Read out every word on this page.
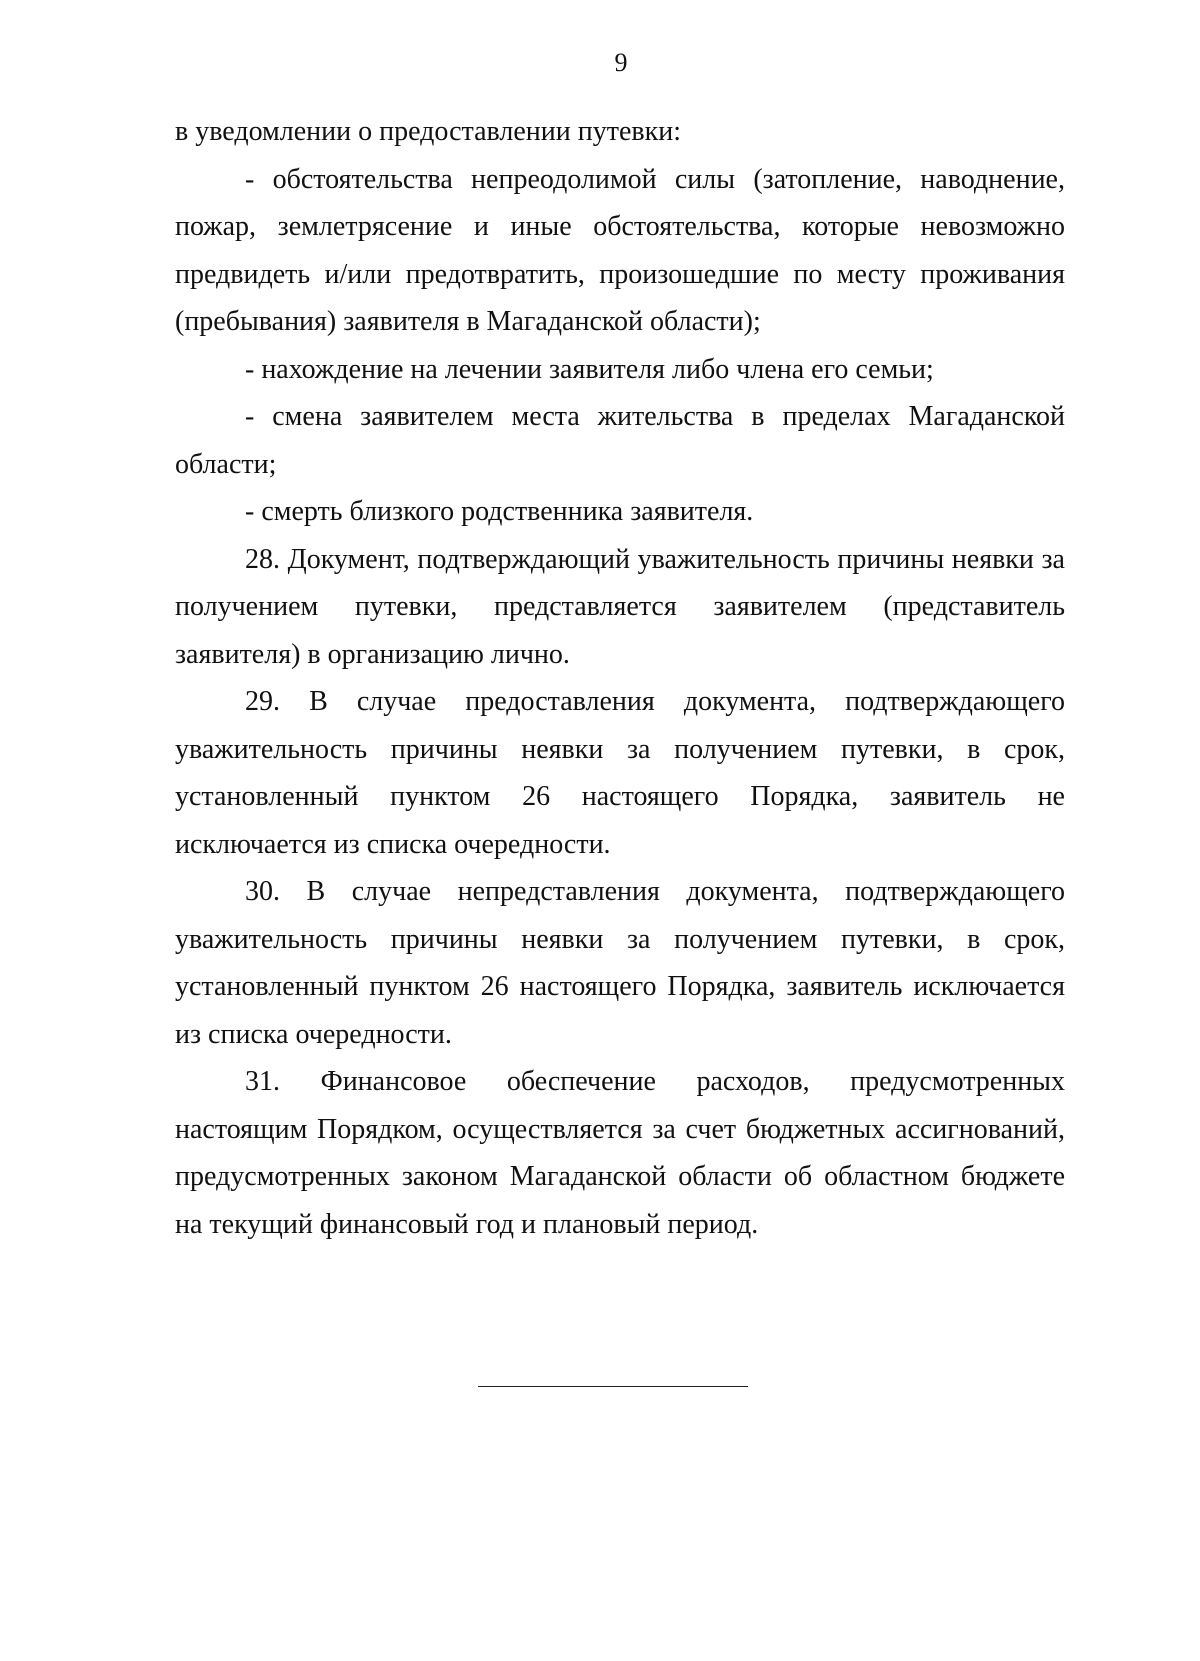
9

в уведомлении о предоставлении путевки:

- обстоятельства непреодолимой силы (затопление, наводнение, пожар, землетрясение и иные обстоятельства, которые невозможно предвидеть и/или предотвратить, произошедшие по месту проживания (пребывания) заявителя в Магаданской области);

- нахождение на лечении заявителя либо члена его семьи;

- смена заявителем места жительства в пределах Магаданской области;

- смерть близкого родственника заявителя.

28. Документ, подтверждающий уважительность причины неявки за получением путевки, представляется заявителем (представитель заявителя) в организацию лично.

29. В случае предоставления документа, подтверждающего уважительность причины неявки за получением путевки, в срок, установленный пунктом 26 настоящего Порядка, заявитель не исключается из списка очередности.

30. В случае непредставления документа, подтверждающего уважительность причины неявки за получением путевки, в срок, установленный пунктом 26 настоящего Порядка, заявитель исключается из списка очередности.

31. Финансовое обеспечение расходов, предусмотренных настоящим Порядком, осуществляется за счет бюджетных ассигнований, предусмотренных законом Магаданской области об областном бюджете на текущий финансовый год и плановый период.
